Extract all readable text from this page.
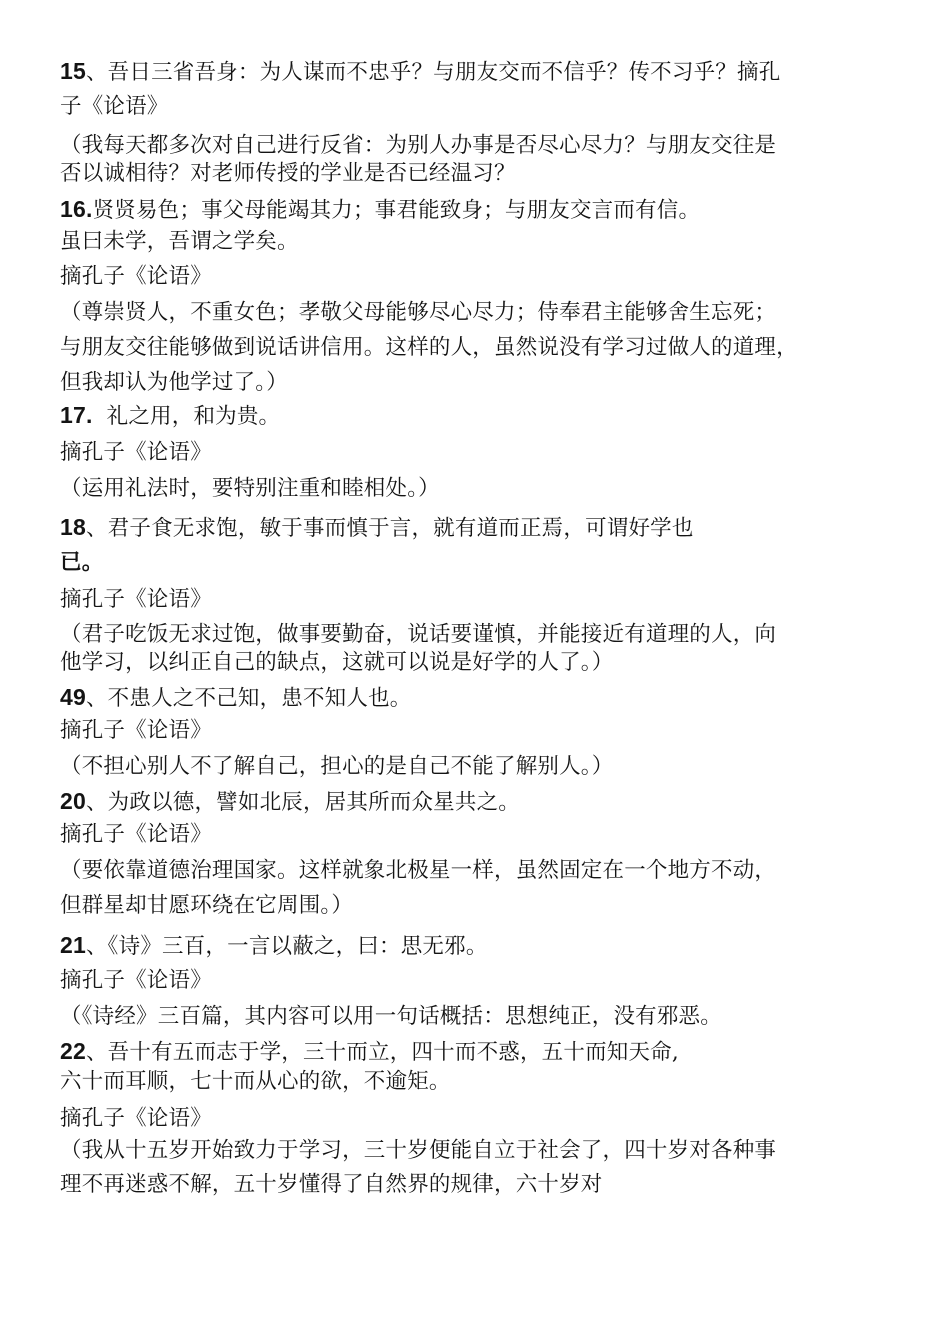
15、吾日三省吾身：为人谋而不忠乎？与朋友交而不信乎？传不习乎？摘孔
子《论语》
（我每天都多次对自己进行反省：为别人办事是否尽心尽力？与朋友交往是
否以诚相待？对老师传授的学业是否已经温习？
16.贤贤易色；事父母能竭其力；事君能致身；与朋友交言而有信。
虽曰未学，吾谓之学矣。
摘孔子《论语》
（尊崇贤人，不重女色；孝敬父母能够尽心尽力；侍奉君主能够舍生忘死；
与朋友交往能够做到说话讲信用。这样的人，虽然说没有学习过做人的道理，
但我却认为他学过了。）
17.  礼之用，和为贵。
摘孔子《论语》
（运用礼法时，要特别注重和睦相处。）
18、君子食无求饱，敏于事而慎于言，就有道而正焉，可谓好学也
已。
摘孔子《论语》
（君子吃饭无求过饱，做事要勤奋，说话要谨慎，并能接近有道理的人，向
他学习，以纠正自己的缺点，这就可以说是好学的人了。）
49、不患人之不己知，患不知人也。
摘孔子《论语》
（不担心别人不了解自己，担心的是自己不能了解别人。）
20、为政以德，譬如北辰，居其所而众星共之。
摘孔子《论语》
（要依靠道德治理国家。这样就象北极星一样，虽然固定在一个地方不动，
但群星却甘愿环绕在它周围。）
21、《诗》三百，一言以蔽之，曰：思无邪。
摘孔子《论语》
（《诗经》三百篇，其内容可以用一句话概括：思想纯正，没有邪恶。
22、吾十有五而志于学，三十而立，四十而不惑，五十而知天命,
六十而耳顺，七十而从心的欲，不逾矩。
摘孔子《论语》
（我从十五岁开始致力于学习，三十岁便能自立于社会了，四十岁对各种事
理不再迷惑不解，五十岁懂得了自然界的规律，六十岁对
